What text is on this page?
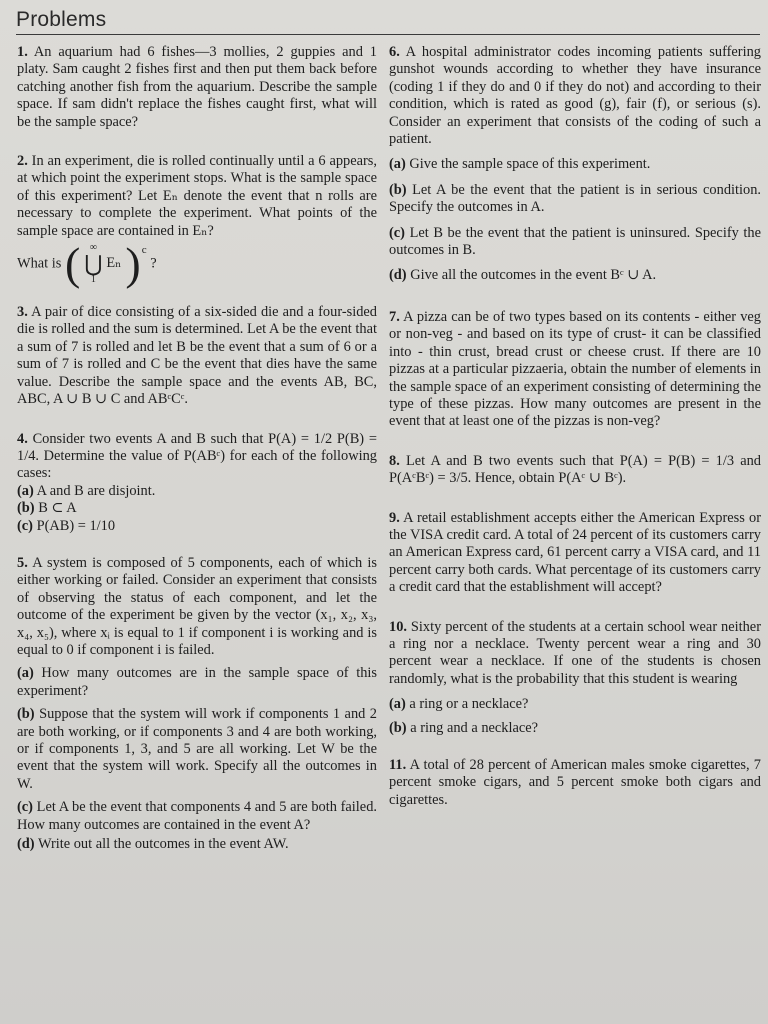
Problems

1. An aquarium had 6 fishes—3 mollies, 2 guppies and 1 platy. Sam caught 2 fishes first and then put them back before catching another fish from the aquarium. Describe the sample space. If sam didn't replace the fishes caught first, what will be the sample space?

2. In an experiment, die is rolled continually until a 6 appears, at which point the experiment stops. What is the sample space of this experiment? Let Eₙ denote the event that n rolls are necessary to complete the experiment. What points of the sample space are contained in Eₙ?

What is ( ∞
⋃
1
Eₙ ) c
?

3. A pair of dice consisting of a six-sided die and a four-sided die is rolled and the sum is determined. Let A be the event that a sum of 7 is rolled and let B be the event that a sum of 6 or a sum of 7 is rolled and C be the event that dies have the same value. Describe the sample space and the events AB, BC, ABC, A ∪ B ∪ C and ABᶜCᶜ.

4. Consider two events A and B such that P(A) = 1/2 P(B) = 1/4. Determine the value of P(ABᶜ) for each of the following cases:

(a) A and B are disjoint.

(b) B ⊂ A

(c) P(AB) = 1/10

5. A system is composed of 5 components, each of which is either working or failed. Consider an experiment that consists of observing the status of each component, and let the outcome of the experiment be given by the vector (x₁, x₂, x₃, x₄, x₅), where xᵢ is equal to 1 if component i is working and is equal to 0 if component i is failed.

(a) How many outcomes are in the sample space of this experiment?

(b) Suppose that the system will work if components 1 and 2 are both working, or if components 3 and 4 are both working, or if components 1, 3, and 5 are all working. Let W be the event that the system will work. Specify all the outcomes in W.

(c) Let A be the event that components 4 and 5 are both failed. How many outcomes are contained in the event A?

(d) Write out all the outcomes in the event AW.

6. A hospital administrator codes incoming patients suffering gunshot wounds according to whether they have insurance (coding 1 if they do and 0 if they do not) and according to their condition, which is rated as good (g), fair (f), or serious (s). Consider an experiment that consists of the coding of such a patient.

(a) Give the sample space of this experiment.

(b) Let A be the event that the patient is in serious condition. Specify the outcomes in A.

(c) Let B be the event that the patient is uninsured. Specify the outcomes in B.

(d) Give all the outcomes in the event Bᶜ ∪ A.

7. A pizza can be of two types based on its contents - either veg or non-veg - and based on its type of crust- it can be classified into - thin crust, bread crust or cheese crust. If there are 10 pizzas at a particular pizzaeria, obtain the number of elements in the sample space of an experiment consisting of determining the type of these pizzas. How many outcomes are present in the event that at least one of the pizzas is non-veg?

8. Let A and B two events such that P(A) = P(B) = 1/3 and P(AᶜBᶜ) = 3/5. Hence, obtain P(Aᶜ ∪ Bᶜ).

9. A retail establishment accepts either the American Express or the VISA credit card. A total of 24 percent of its customers carry an American Express card, 61 percent carry a VISA card, and 11 percent carry both cards. What percentage of its customers carry a credit card that the establishment will accept?

10. Sixty percent of the students at a certain school wear neither a ring nor a necklace. Twenty percent wear a ring and 30 percent wear a necklace. If one of the students is chosen randomly, what is the probability that this student is wearing

(a) a ring or a necklace?

(b) a ring and a necklace?

11. A total of 28 percent of American males smoke cigarettes, 7 percent smoke cigars, and 5 percent smoke both cigars and cigarettes.
